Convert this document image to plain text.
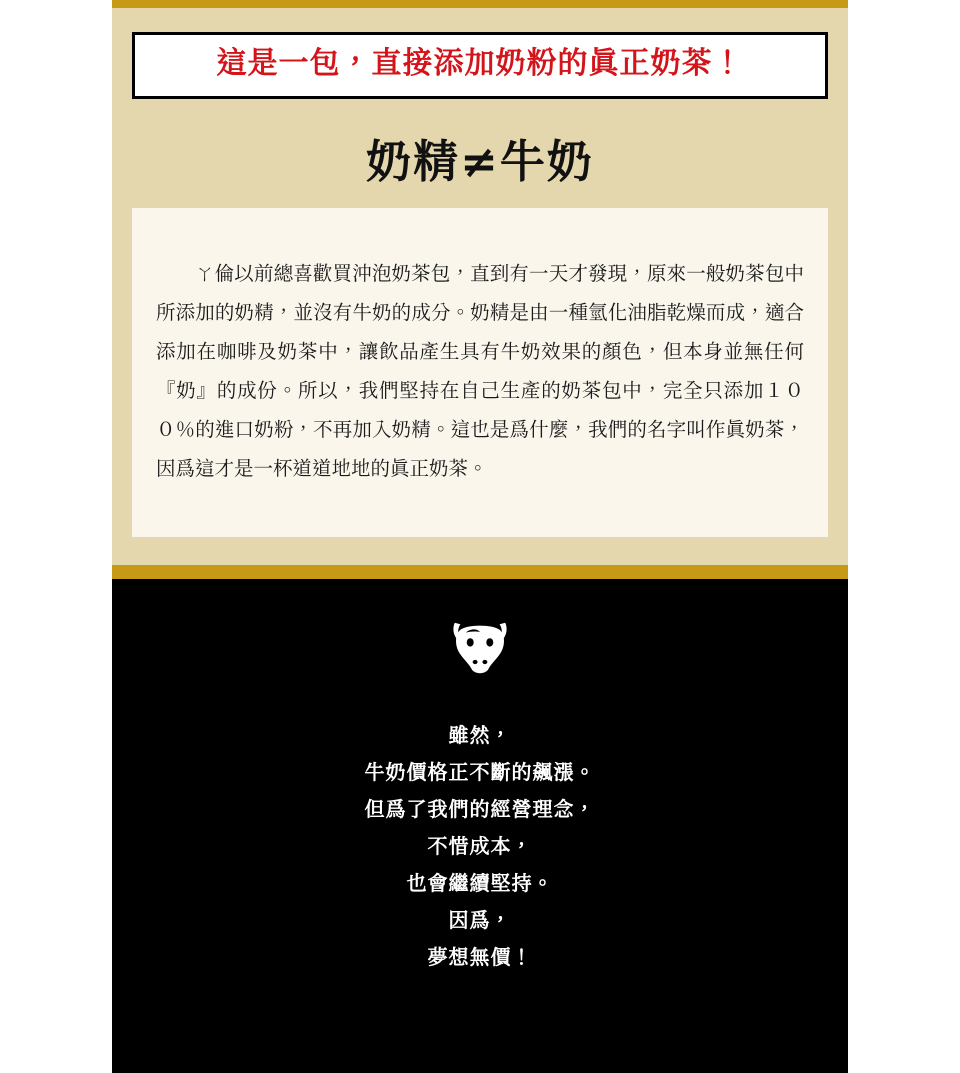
這是一包，直接添加奶粉的眞正奶茶！
奶精≠牛奶

ㄚ倫以前總喜歡買沖泡奶茶包，直到有一天才發現，原來一般奶茶包中所添加的奶精，並沒有牛奶的成分。奶精是由一種氫化油脂乾燥而成，適合添加在咖啡及奶茶中，讓飲品產生具有牛奶效果的顏色，但本身並無任何『奶』的成份。所以，我們堅持在自己生產的奶茶包中，完全只添加１００％的進口奶粉，不再加入奶精。這也是爲什麼，我們的名字叫作眞奶茶，因爲這才是一杯道道地地的眞正奶茶。

雖然，
牛奶價格正不斷的飆漲。
但爲了我們的經營理念，
不惜成本，
也會繼續堅持。
因爲，
夢想無價！
